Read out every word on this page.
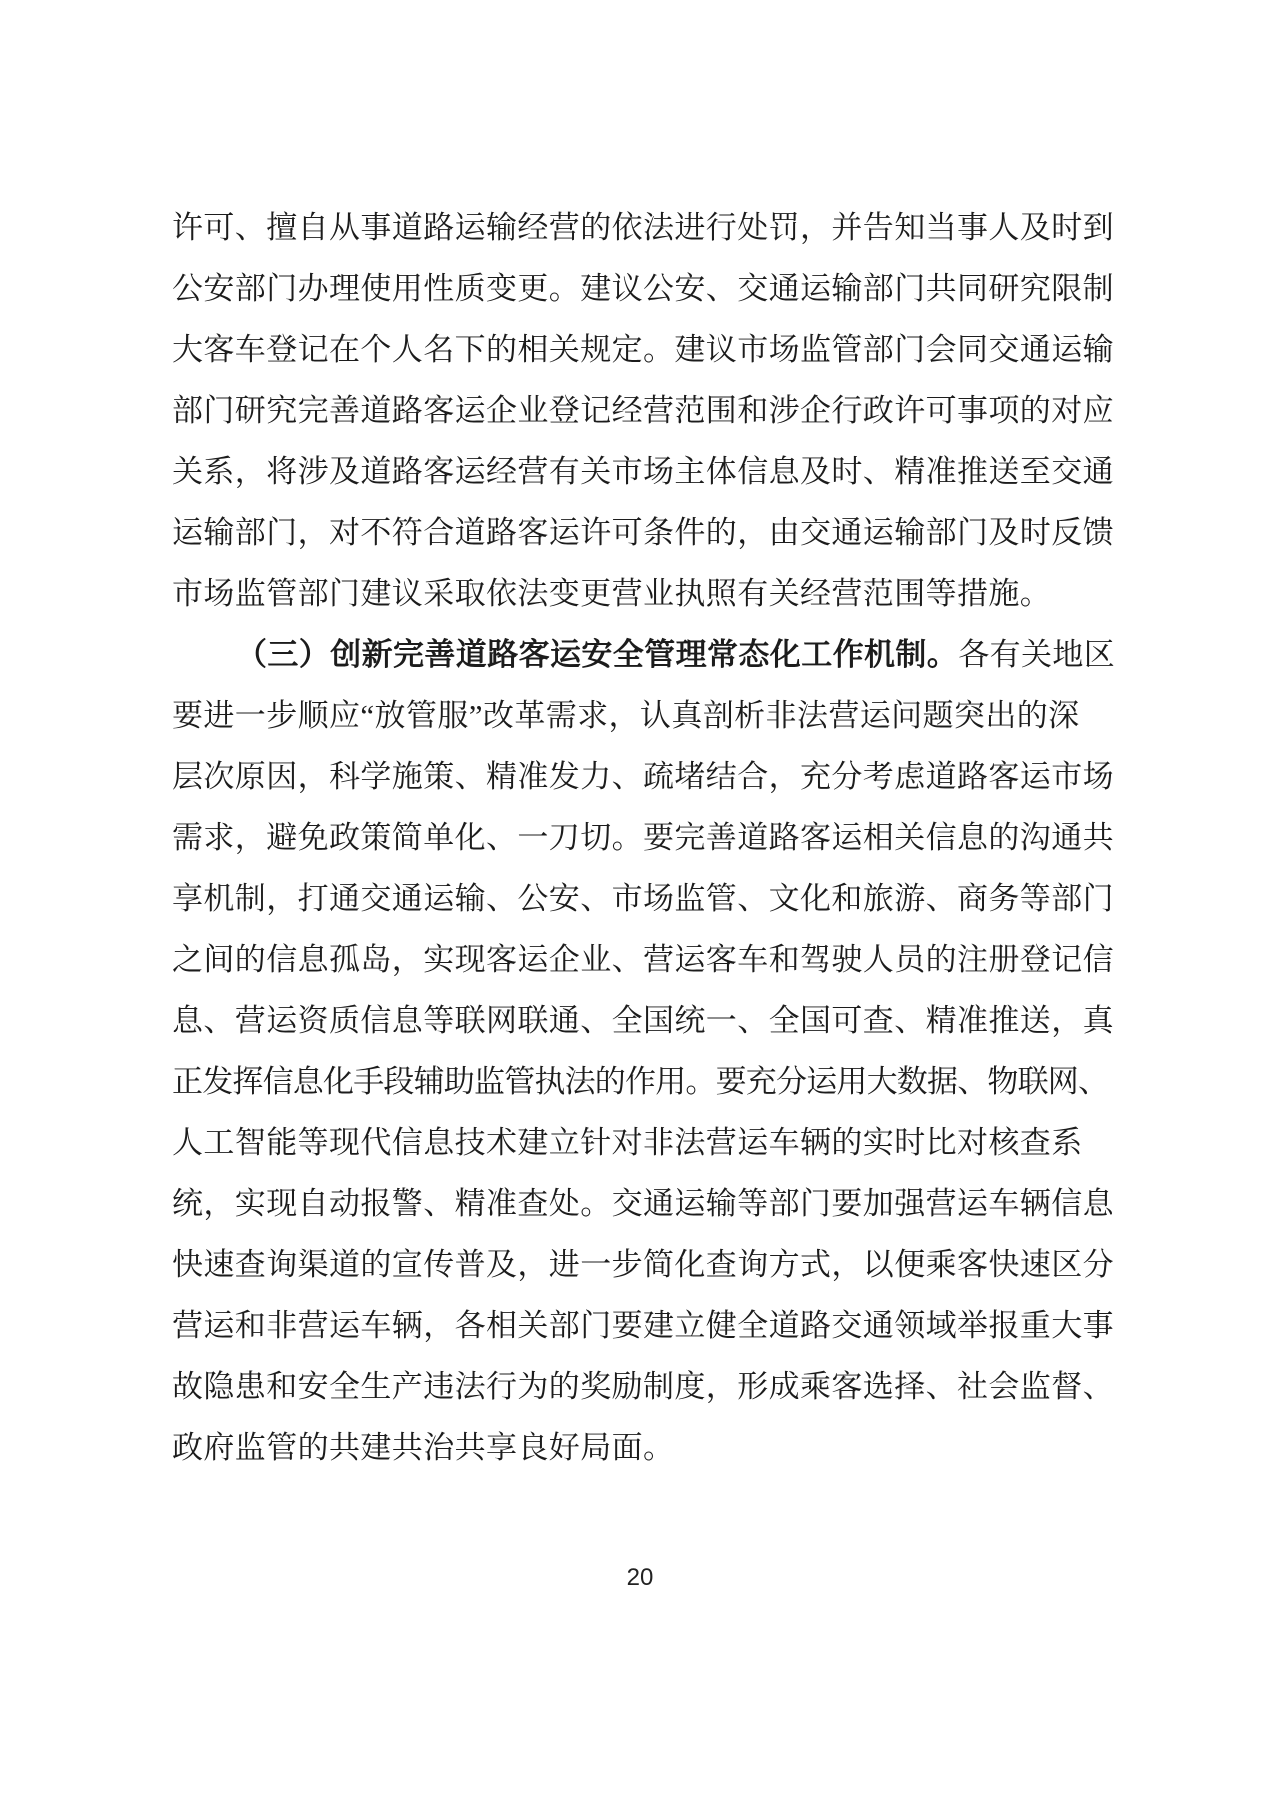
许可、擅自从事道路运输经营的依法进行处罚，并告知当事人及时到
公安部门办理使用性质变更。建议公安、交通运输部门共同研究限制
大客车登记在个人名下的相关规定。建议市场监管部门会同交通运输
部门研究完善道路客运企业登记经营范围和涉企行政许可事项的对应
关系，将涉及道路客运经营有关市场主体信息及时、精准推送至交通
运输部门，对不符合道路客运许可条件的，由交通运输部门及时反馈
市场监管部门建议采取依法变更营业执照有关经营范围等措施。
（三）创新完善道路客运安全管理常态化工作机制。各有关地区
要进一步顺应“放管服”改革需求，认真剖析非法营运问题突出的深
层次原因，科学施策、精准发力、疏堵结合，充分考虑道路客运市场
需求，避免政策简单化、一刀切。要完善道路客运相关信息的沟通共
享机制，打通交通运输、公安、市场监管、文化和旅游、商务等部门
之间的信息孤岛，实现客运企业、营运客车和驾驶人员的注册登记信
息、营运资质信息等联网联通、全国统一、全国可查、精准推送，真
正发挥信息化手段辅助监管执法的作用。要充分运用大数据、物联网、
人工智能等现代信息技术建立针对非法营运车辆的实时比对核查系
统，实现自动报警、精准查处。交通运输等部门要加强营运车辆信息
快速查询渠道的宣传普及，进一步简化查询方式，以便乘客快速区分
营运和非营运车辆，各相关部门要建立健全道路交通领域举报重大事
故隐患和安全生产违法行为的奖励制度，形成乘客选择、社会监督、
政府监管的共建共治共享良好局面。
20
